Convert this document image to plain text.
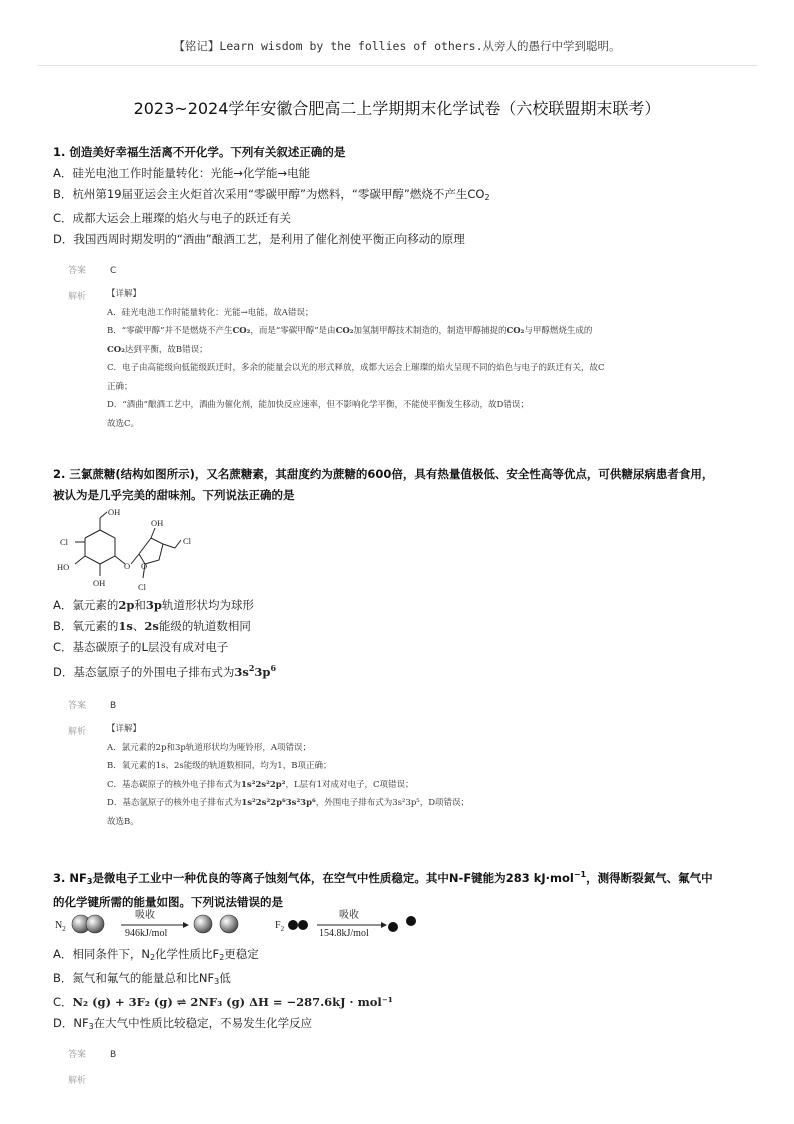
【铭记】Learn wisdom by the follies of others.从旁人的愚行中学到聪明。
2023~2024学年安徽合肥高二上学期期末化学试卷（六校联盟期末联考）
1. 创造美好幸福生活离不开化学。下列有关叙述正确的是
A．硅光电池工作时能量转化：光能→化学能→电能
B．杭州第19届亚运会主火炬首次采用“零碳甲醇”为燃料，“零碳甲醇”燃烧不产生$CO_2$
C．成都大运会上璀璨的焰火与电子的跃迁有关
D．我国西周时期发明的“酒曲”酿酒工艺，是利用了催化剂使平衡正向移动的原理
答案	C
解析	【详解】
A．硅光电池工作时能量转化：光能→电能，故A错误；
B．“零碳甲醇”并不是燃烧不产生CO₂，而是“零碳甲醇”是由CO₂加氢制甲醇技术制造的，制造甲醇捕捉的CO₂与甲醇燃烧生成的
CO₂达到平衡，故B错误；
C．电子由高能级向低能级跃迁时，多余的能量会以光的形式释放，成都大运会上璀璨的焰火呈现不同的焰色与电子的跃迁有关，故C
正确；
D．“酒曲”酿酒工艺中，酒曲为催化剂，能加快反应速率，但不影响化学平衡，不能使平衡发生移动，故D错误；
故选C。
2. 三氯蔗糖(结构如图所示)，又名蔗糖素，其甜度约为蔗糖的600倍，具有热量值极低、安全性高等优点，可供糖尿病患者食用，
被认为是几乎完美的甜味剂。下列说法正确的是
OH
Cl
HO
OH
O
OH
O
Cl
Cl
A．氯元素的2p和3p轨道形状均为球形
B．氧元素的1s、2s能级的轨道数相同
C．基态碳原子的L层没有成对电子
D．基态氩原子的外围电子排布式为$3s^23p^6$
答案	B
解析	【详解】
A．氯元素的2p和3p轨道形状均为哑铃形，A项错误；
B．氧元素的1s、2s能级的轨道数相同，均为1，B项正确；
C．基态碳原子的核外电子排布式为1s²2s²2p²，L层有1对成对电子，C项错误；
D．基态氩原子的核外电子排布式为1s²2s²2p⁶3s²3p⁶，外围电子排布式为3s²3p⁵，D项错误；
故选B。
3. $NF_3$是微电子工业中一种优良的等离子蚀刻气体，在空气中性质稳定。其中N-F键能为283 kJ·mol$^{-1}$，测得断裂氮气、氟气中
的化学键所需的能量如图。下列说法错误的是
$N_2$
吸收
946kJ/mol
$F_2$
吸收
154.8kJ/mol
A．相同条件下，$N_2$化学性质比$F_2$更稳定
B．氮气和氟气的能量总和比$NF_3$低
C．N₂ (g) + 3F₂ (g) ⇌ 2NF₃ (g) ΔH = −287.6kJ · mol⁻¹
D．$NF_3$在大气中性质比较稳定，不易发生化学反应
答案	B
解析
